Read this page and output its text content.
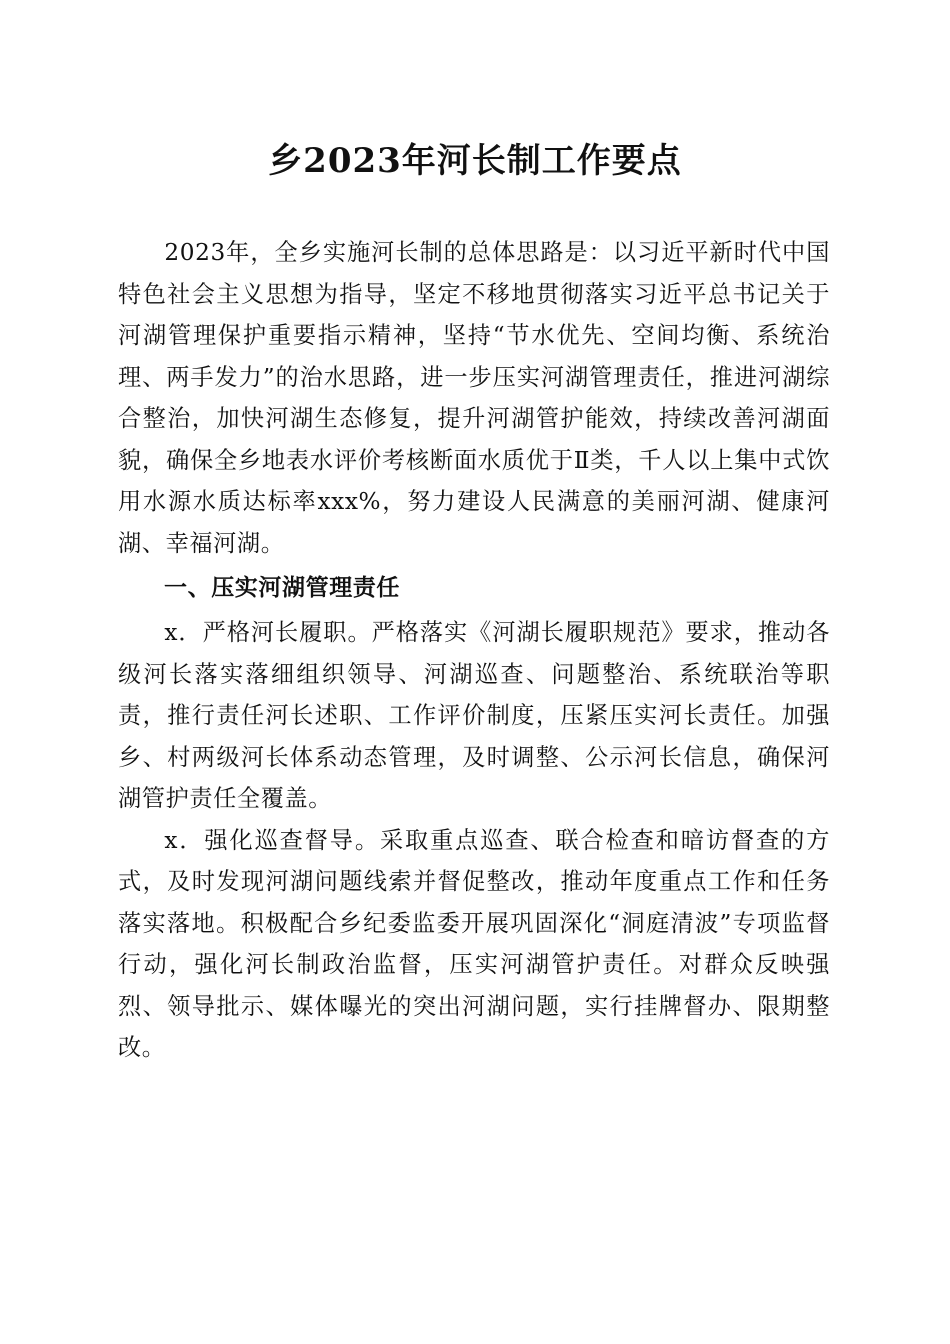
乡2023年河长制工作要点

2023年，全乡实施河长制的总体思路是：以习近平新时代中国特色社会主义思想为指导，坚定不移地贯彻落实习近平总书记关于河湖管理保护重要指示精神，坚持“节水优先、空间均衡、系统治理、两手发力”的治水思路，进一步压实河湖管理责任，推进河湖综合整治，加快河湖生态修复，提升河湖管护能效，持续改善河湖面貌，确保全乡地表水评价考核断面水质优于Ⅱ类，千人以上集中式饮用水源水质达标率xxx%，努力建设人民满意的美丽河湖、健康河湖、幸福河湖。

一、压实河湖管理责任

x．严格河长履职。严格落实《河湖长履职规范》要求，推动各级河长落实落细组织领导、河湖巡查、问题整治、系统联治等职责，推行责任河长述职、工作评价制度，压紧压实河长责任。加强乡、村两级河长体系动态管理，及时调整、公示河长信息，确保河湖管护责任全覆盖。

x．强化巡查督导。采取重点巡查、联合检查和暗访督查的方式，及时发现河湖问题线索并督促整改，推动年度重点工作和任务落实落地。积极配合乡纪委监委开展巩固深化“洞庭清波”专项监督行动，强化河长制政治监督，压实河湖管护责任。对群众反映强烈、领导批示、媒体曝光的突出河湖问题，实行挂牌督办、限期整改。
